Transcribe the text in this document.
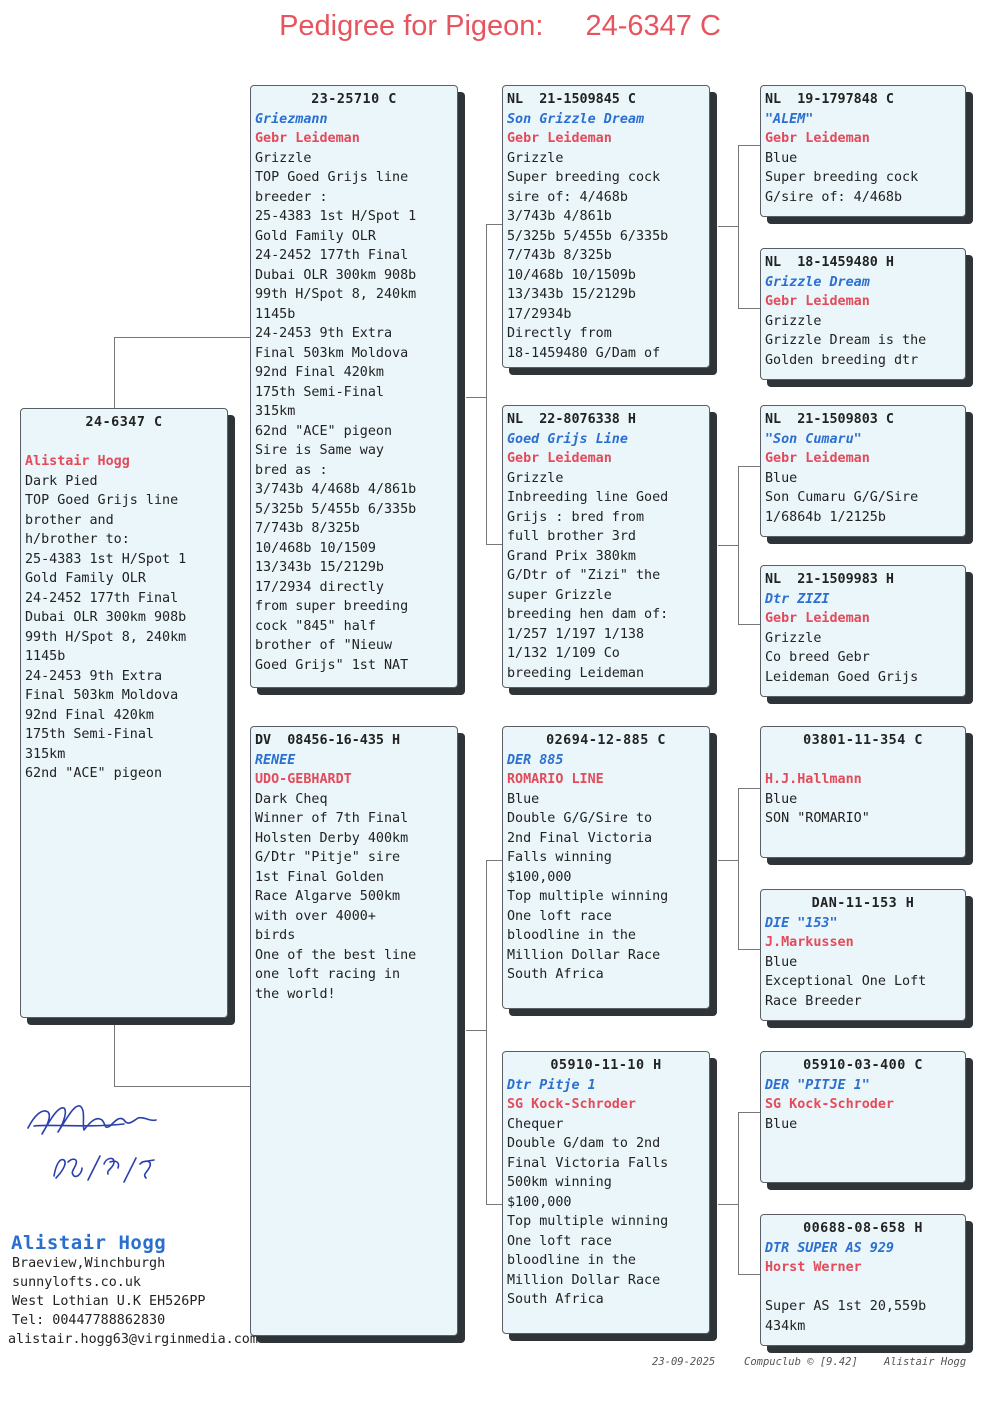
Pedigree for Pigeon: 24-6347 C
24-6347 C

Alistair Hogg
Dark Pied
TOP Goed Grijs line
brother and
h/brother to:
25-4383 1st H/Spot 1
Gold Family OLR
24-2452 177th Final
Dubai OLR 300km 908b
99th H/Spot 8, 240km
1145b
24-2453 9th Extra
Final 503km Moldova
92nd Final 420km
175th Semi-Final
315km
62nd "ACE" pigeon
23-25710 C
Griezmann
Gebr Leideman
Grizzle
TOP Goed Grijs line
breeder :
25-4383 1st H/Spot 1
Gold Family OLR
24-2452 177th Final
Dubai OLR 300km 908b
99th H/Spot 8, 240km
1145b
24-2453 9th Extra
Final 503km Moldova
92nd Final 420km
175th Semi-Final
315km
62nd "ACE" pigeon
Sire is Same way
bred as :
3/743b 4/468b 4/861b
5/325b 5/455b 6/335b
7/743b 8/325b
10/468b 10/1509
13/343b 15/2129b
17/2934 directly
from super breeding
cock "845" half
brother of "Nieuw
Goed Grijs" 1st NAT
DV  08456-16-435 H
RENEE
UDO-GEBHARDT
Dark Cheq
Winner of 7th Final
Holsten Derby 400km
G/Dtr "Pitje" sire
1st Final Golden
Race Algarve 500km
with over 4000+
birds
One of the best line
one loft racing in
the world!
NL  21-1509845 C
Son Grizzle Dream
Gebr Leideman
Grizzle
Super breeding cock
sire of: 4/468b
3/743b 4/861b
5/325b 5/455b 6/335b
7/743b 8/325b
10/468b 10/1509b
13/343b 15/2129b
17/2934b
Directly from
18-1459480 G/Dam of
NL  22-8076338 H
Goed Grijs Line
Gebr Leideman
Grizzle
Inbreeding line Goed
Grijs : bred from
full brother 3rd
Grand Prix 380km
G/Dtr of "Zizi" the
super Grizzle
breeding hen dam of:
1/257 1/197 1/138
1/132 1/109 Co
breeding Leideman
02694-12-885 C
DER 885
ROMARIO LINE
Blue
Double G/G/Sire to
2nd Final Victoria
Falls winning
$100,000
Top multiple winning
One loft race
bloodline in the
Million Dollar Race
South Africa
05910-11-10 H
Dtr Pitje 1
SG Kock-Schroder
Chequer
Double G/dam to 2nd
Final Victoria Falls
500km winning
$100,000
Top multiple winning
One loft race
bloodline in the
Million Dollar Race
South Africa
NL  19-1797848 C
"ALEM"
Gebr Leideman
Blue
Super breeding cock
G/sire of: 4/468b
NL  18-1459480 H
Grizzle Dream
Gebr Leideman
Grizzle
Grizzle Dream is the
Golden breeding dtr
NL  21-1509803 C
"Son Cumaru"
Gebr Leideman
Blue
Son Cumaru G/G/Sire
1/6864b 1/2125b
NL  21-1509983 H
Dtr ZIZI
Gebr Leideman
Grizzle
Co breed Gebr
Leideman Goed Grijs
03801-11-354 C

H.J.Hallmann
Blue
SON "ROMARIO"
DAN-11-153 H
DIE "153"
J.Markussen
Blue
Exceptional One Loft
Race Breeder
05910-03-400 C
DER "PITJE 1"
SG Kock-Schroder
Blue
00688-08-658 H
DTR SUPER AS 929
Horst Werner

Super AS 1st 20,559b
434km
Alistair Hogg
Braeview,Winchburgh
sunnylofts.co.uk
West Lothian U.K EH526PP
Tel: 00447788862830
alistair.hogg63@virginmedia.com
23-09-2025	Compuclub © [9.42] Alistair Hogg
